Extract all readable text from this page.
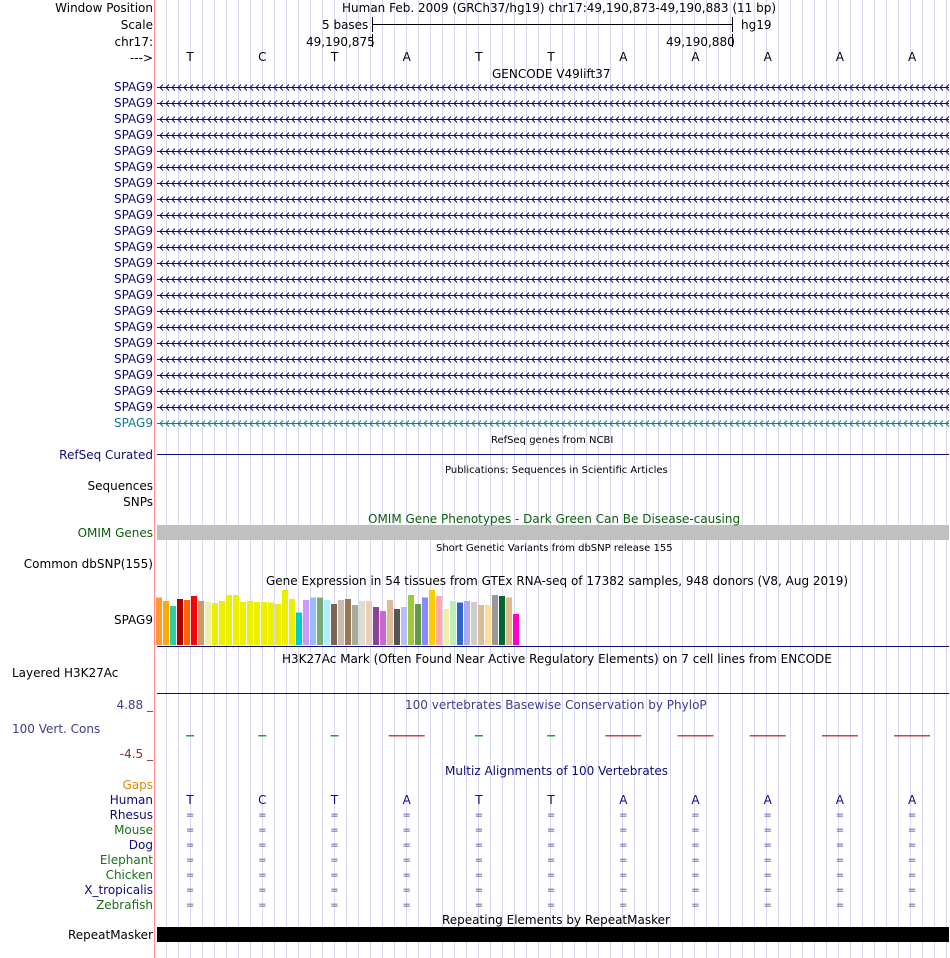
Window Position
Scale
chr17:
--->
Human Feb. 2009 (GRCh37/hg19) chr17:49,190,873-49,190,883 (11 bp)
5 bases	hg19
49,190,875	49,190,880
T	C	T	A	T	T	A	A	A	A	A
GENCODE V49lift37
SPAG9
SPAG9
SPAG9
SPAG9
SPAG9
SPAG9
SPAG9
SPAG9
SPAG9
SPAG9
SPAG9
SPAG9
SPAG9
SPAG9
SPAG9
SPAG9
SPAG9
SPAG9
SPAG9
SPAG9
SPAG9
SPAG9
RefSeq genes from NCBI
RefSeq Curated
Publications: Sequences in Scientific Articles
Sequences
SNPs
OMIM Gene Phenotypes - Dark Green Can Be Disease-causing
OMIM Genes
Short Genetic Variants from dbSNP release 155
Common dbSNP(155)
Gene Expression in 54 tissues from GTEx RNA-seq of 17382 samples, 948 donors (V8, Aug 2019)
SPAG9
H3K27Ac Mark (Often Found Near Active Regulatory Elements) on 7 cell lines from ENCODE
Layered H3K27Ac
100 vertebrates Basewise Conservation by PhyloP
4.88 _
100 Vert. Cons
-4.5 _
Multiz Alignments of 100 Vertebrates
Gaps
Human	T	C	T	A	T	T	A	A	A	A	A
Rhesus	=	=	=	=	=	=	=	=	=	=	=
Mouse	=	=	=	=	=	=	=	=	=	=	=
Dog	=	=	=	=	=	=	=	=	=	=	=
Elephant	=	=	=	=	=	=	=	=	=	=	=
Chicken	=	=	=	=	=	=	=	=	=	=	=
X_tropicalis	=	=	=	=	=	=	=	=	=	=	=
Zebrafish	=	=	=	=	=	=	=	=	=	=	=
Repeating Elements by RepeatMasker
RepeatMasker
